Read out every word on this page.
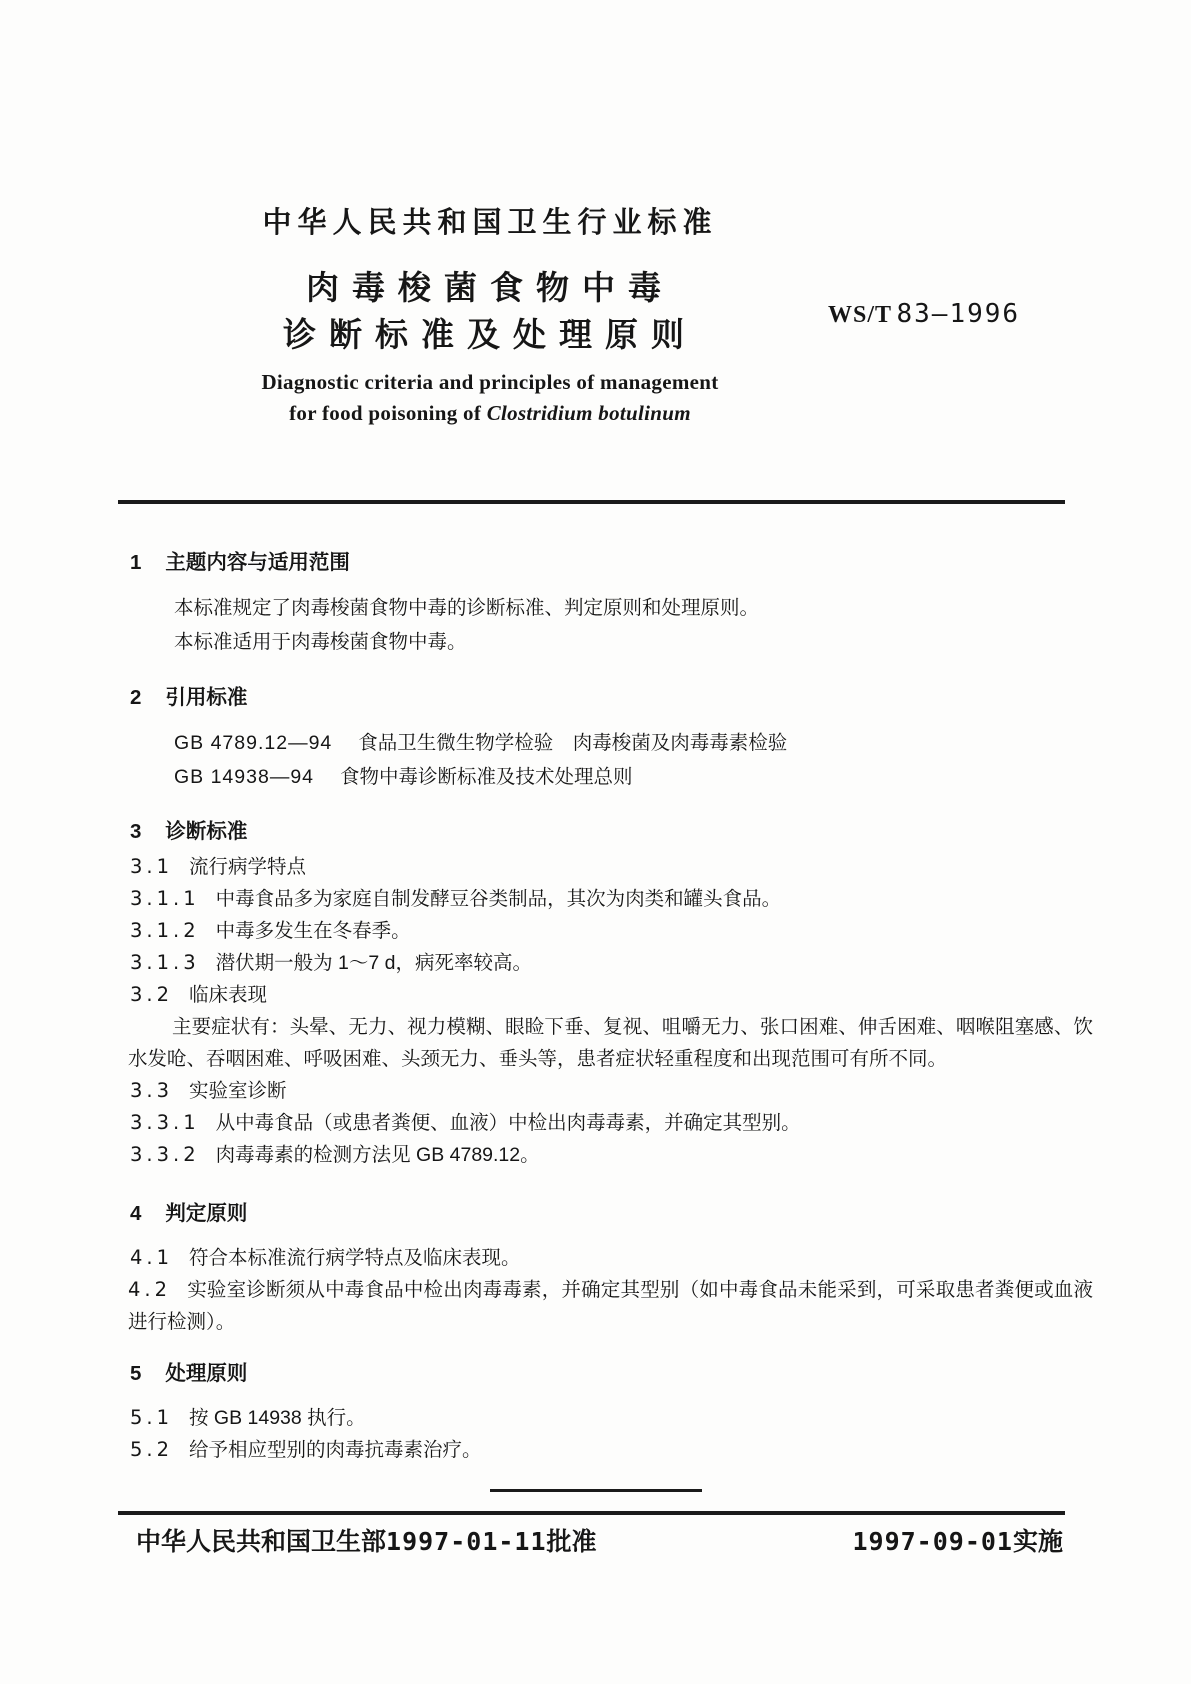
中华人民共和国卫生行业标准
肉毒梭菌食物中毒
诊断标准及处理原则
WS/T 83—1996
Diagnostic criteria and principles of management
for food poisoning of Clostridium botulinum
1 主题内容与适用范围

本标准规定了肉毒梭菌食物中毒的诊断标准、判定原则和处理原则。

本标准适用于肉毒梭菌食物中毒。

2 引用标准

GB 4789.12—94 食品卫生微生物学检验　肉毒梭菌及肉毒毒素检验

GB 14938—94 食物中毒诊断标准及技术处理总则

3 诊断标准

3.1 流行病学特点

3.1.1 中毒食品多为家庭自制发酵豆谷类制品，其次为肉类和罐头食品。

3.1.2 中毒多发生在冬春季。

3.1.3 潜伏期一般为 1～7 d，病死率较高。

3.2 临床表现

主要症状有：头晕、无力、视力模糊、眼睑下垂、复视、咀嚼无力、张口困难、伸舌困难、咽喉阻塞感、饮水发呛、吞咽困难、呼吸困难、头颈无力、垂头等，患者症状轻重程度和出现范围可有所不同。

3.3 实验室诊断

3.3.1 从中毒食品（或患者粪便、血液）中检出肉毒毒素，并确定其型别。

3.3.2 肉毒毒素的检测方法见 GB 4789.12。

4 判定原则

4.1 符合本标准流行病学特点及临床表现。

4.2 实验室诊断须从中毒食品中检出肉毒毒素，并确定其型别（如中毒食品未能采到，可采取患者粪便或血液进行检测）。

5 处理原则

5.1 按 GB 14938 执行。

5.2 给予相应型别的肉毒抗毒素治疗。

中华人民共和国卫生部1997-01-11批准	1997-09-01实施
